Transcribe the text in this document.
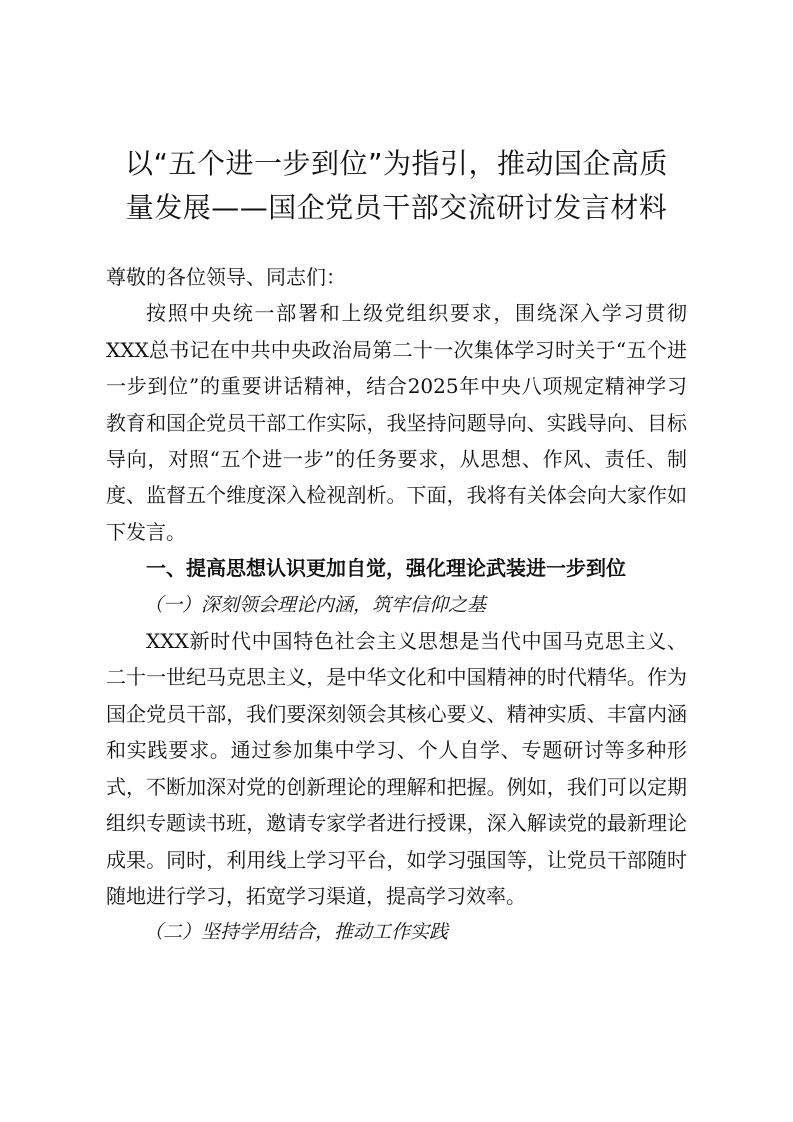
以“五个进一步到位”为指引，推动国企高质
量发展——国企党员干部交流研讨发言材料

尊敬的各位领导、同志们：

按照中央统一部署和上级党组织要求，围绕深入学习贯彻XXX总书记在中共中央政治局第二十一次集体学习时关于“五个进一步到位”的重要讲话精神，结合2025年中央八项规定精神学习教育和国企党员干部工作实际，我坚持问题导向、实践导向、目标导向，对照“五个进一步”的任务要求，从思想、作风、责任、制度、监督五个维度深入检视剖析。下面，我将有关体会向大家作如下发言。

一、提高思想认识更加自觉，强化理论武装进一步到位

（一）深刻领会理论内涵，筑牢信仰之基

XXX新时代中国特色社会主义思想是当代中国马克思主义、二十一世纪马克思主义，是中华文化和中国精神的时代精华。作为国企党员干部，我们要深刻领会其核心要义、精神实质、丰富内涵和实践要求。通过参加集中学习、个人自学、专题研讨等多种形式，不断加深对党的创新理论的理解和把握。例如，我们可以定期组织专题读书班，邀请专家学者进行授课，深入解读党的最新理论成果。同时，利用线上学习平台，如学习强国等，让党员干部随时随地进行学习，拓宽学习渠道，提高学习效率。

（二）坚持学用结合，推动工作实践
